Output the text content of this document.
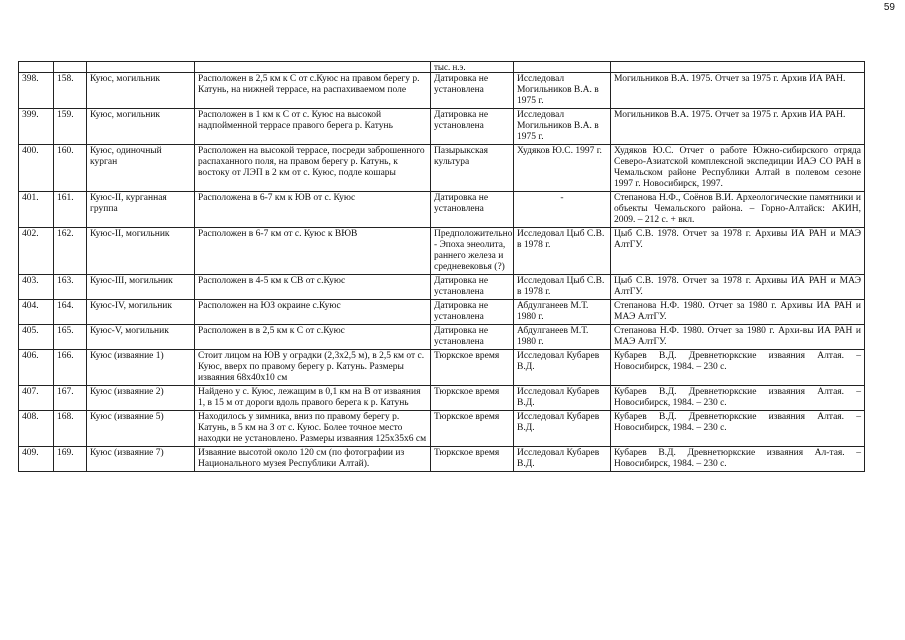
59
				тыс. н.э.		
398.	158.	Куюс, могильник	Расположен в 2,5 км к С от с.Куюс на правом берегу р. Катунь, на нижней террасе, на распахиваемом поле	Датировка не установлена	Исследовал Могильников В.А. в 1975 г.	Могильников В.А. 1975. Отчет за 1975 г. Архив ИА РАН.
399.	159.	Куюс, могильник	Расположен в 1 км к С от с. Куюс на высокой надпойменной террасе правого берега р. Катунь	Датировка не установлена	Исследовал Могильников В.А. в 1975 г.	Могильников В.А. 1975. Отчет за 1975 г. Архив ИА РАН.
400.	160.	Куюс, одиночный курган	Расположен на высокой террасе, посреди заброшенного распаханного поля, на правом берегу р. Катунь, к востоку от ЛЭП в 2 км от с. Куюс, подле кошары	Пазырыкская культура	Худяков Ю.С. 1997 г.	Худяков Ю.С. Отчет о работе Южно-сибирского отряда Северо-Азиатской комплексной экспедиции ИАЭ СО РАН в Чемальском районе Республики Алтай в полевом сезоне 1997 г. Новосибирск, 1997.
401.	161.	Куюс-II, курганная группа	Расположена в 6-7 км к ЮВ от с. Куюс	Датировка не установлена	-	Степанова Н.Ф., Соёнов В.И. Археологические памятники и объекты Чемальского района. – Горно-Алтайск: АКИН, 2009. – 212 с. + вкл.
402.	162.	Куюс-II, могильник	Расположен в 6-7 км от с. Куюс к ВЮВ	Предположительно - Эпоха энеолита, раннего железа и средневековья (?)	Исследовал Цыб С.В. в 1978 г.	Цыб С.В. 1978. Отчет за 1978 г. Архивы ИА РАН и МАЭ АлтГУ.
403.	163.	Куюс-III, могильник	Расположен в 4-5 км к СВ от с.Куюс	Датировка не установлена	Исследовал Цыб С.В. в 1978 г.	Цыб С.В. 1978. Отчет за 1978 г. Архивы ИА РАН и МАЭ АлтГУ.
404.	164.	Куюс-IV, могильник	Расположен на ЮЗ окраине с.Куюс	Датировка не установлена	Абдулганеев М.Т. 1980 г.	Степанова Н.Ф. 1980. Отчет за 1980 г. Архивы ИА РАН и МАЭ АлтГУ.
405.	165.	Куюс-V, могильник	Расположен в в 2,5 км к С от с.Куюс	Датировка не установлена	Абдулганеев М.Т. 1980 г.	Степанова Н.Ф. 1980. Отчет за 1980 г. Архи-вы ИА РАН и МАЭ АлтГУ.
406.	166.	Куюс (изваяние 1)	Стоит лицом на ЮВ у оградки (2,3х2,5 м), в 2,5 км от с. Куюс, вверх по правому берегу р. Катунь. Размеры изваяния 68х40х10 см	Тюркское время	Исследовал Кубарев В.Д.	Кубарев В.Д. Древнетюркские изваяния Алтая. – Новосибирск, 1984. – 230 с.
407.	167.	Куюс (изваяние 2)	Найдено у с. Куюс, лежащим в 0,1 км на В от изваяния 1, в 15 м от дороги вдоль правого берега к р. Катунь	Тюркское время	Исследовал Кубарев В.Д.	Кубарев В.Д. Древнетюркские изваяния Алтая. – Новосибирск, 1984. – 230 с.
408.	168.	Куюс (изваяние 5)	Находилось у зимника, вниз по правому берегу р. Катунь, в 5 км на З от с. Куюс. Более точное место находки не установлено. Размеры изваяния 125х35х6 см	Тюркское время	Исследовал Кубарев В.Д.	Кубарев В.Д. Древнетюркские изваяния Алтая. – Новосибирск, 1984. – 230 с.
409.	169.	Куюс (изваяние 7)	Изваяние высотой около 120 см (по фотографии из Национального музея Республики Алтай).	Тюркское время	Исследовал Кубарев В.Д.	Кубарев В.Д. Древнетюркские изваяния Ал-тая. – Новосибирск, 1984. – 230 с.
